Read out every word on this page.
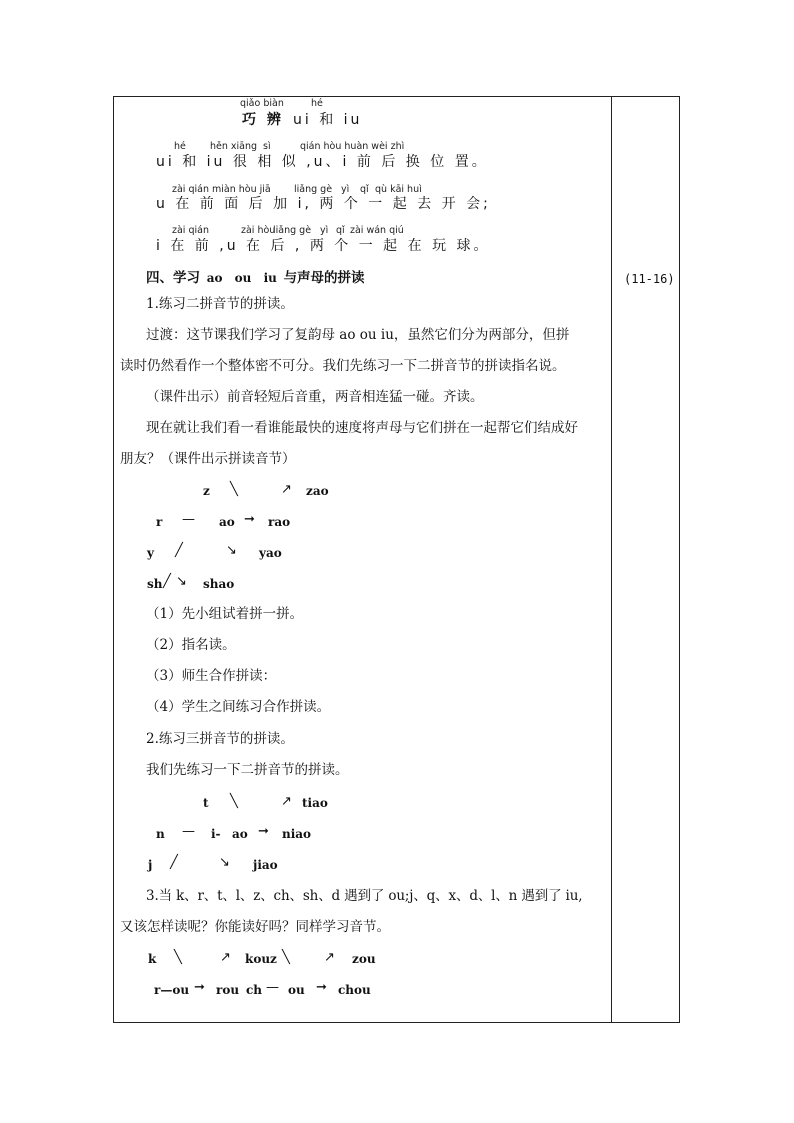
qiǎo biàn	hé
巧 辨 ui 和 iu
hé	hěn xiāng sì	qián hòu huàn wèi zhì
ui 和 iu 很 相 似 ,u、i 前 后 换 位 置。
zài qián miàn hòu jiā liǎng gè yì qǐ qù kāi huì
u 在 前 面 后 加 i, 两 个 一 起 去 开 会;
zài qián	zài hòu
liǎng gè yì qǐ zài wán qiú
i 在 前 ,u 在 后 , 两 个 一 起 在 玩 球。
四、学习 ao ou iu 与声母的拼读	(11-16)
1.练习二拼音节的拼读。
过渡：这节课我们学习了复韵母 ao ou iu，虽然它们分为两部分，但拼
读时仍然看作一个整体密不可分。我们先练习一下二拼音节的拼读指名说。
（课件出示）前音轻短后音重，两音相连猛一碰。齐读。
现在就让我们看一看谁能最快的速度将声母与它们拼在一起帮它们结成好
朋友？（课件出示拼读音节）
z ╲	↗ zao
r — ao ➞ rao
y ╱	↘ yao
sh ╱ ↘ shao
（1）先小组试着拼一拼。
（2）指名读。
（3）师生合作拼读：
（4）学生之间练习合作拼读。
2.练习三拼音节的拼读。
我们先练习一下二拼音节的拼读。
t ╲	↗ tiao
n — i- ao ➞ niao
j ╱	↘ jiao
3.当 k、r、t、l、z、ch、sh、d 遇到了 ou;j、q、x、d、l、n 遇到了 iu,
又该怎样读呢？你能读好吗？同样学习音节。
k ╲	↗ kouz ╲	↗ zou
r—ou ➞ rou ch — ou ➞ chou
